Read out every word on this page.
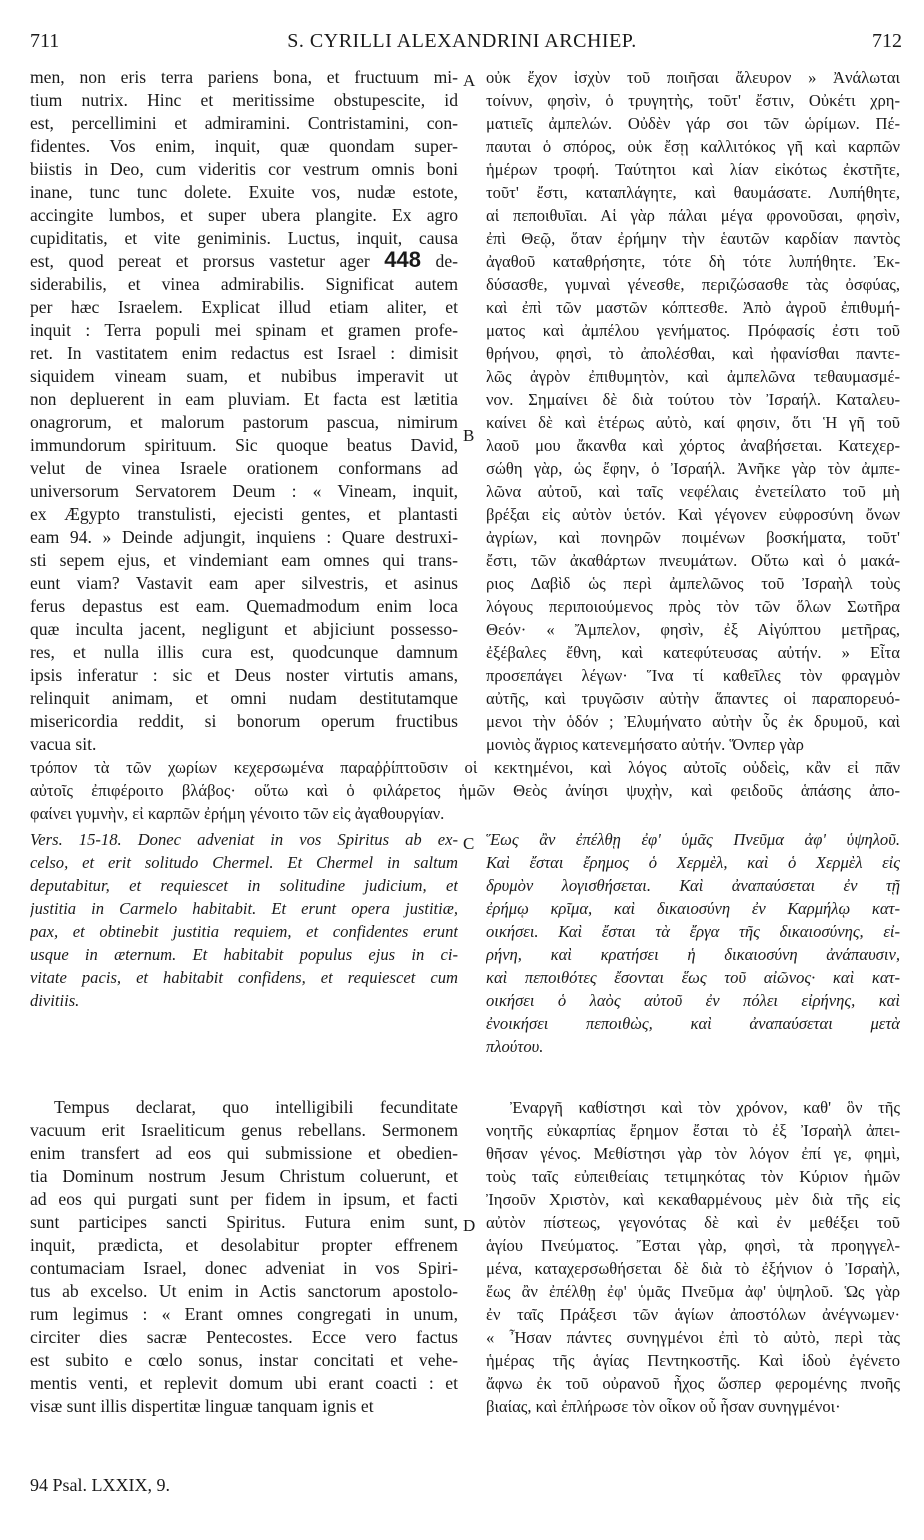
711	S. CYRILLI ALEXANDRINI ARCHIEP.	712
A
B
C
D
men, non eris terra pariens bona, et fructuum mi-
tium nutrix. Hinc et meritissime obstupescite, id
est, percellimini et admiramini. Contristamini, con-
fidentes. Vos enim, inquit, quæ quondam super-
biistis in Deo, cum videritis cor vestrum omnis boni
inane, tunc tunc dolete. Exuite vos, nudæ estote,
accingite lumbos, et super ubera plangite. Ex agro
cupiditatis, et vite geniminis. Luctus, inquit, causa
est, quod pereat et prorsus vastetur ager 448 de-
siderabilis, et vinea admirabilis. Significat autem
per hæc Israelem. Explicat illud etiam aliter, et
inquit : Terra populi mei spinam et gramen profe-
ret. In vastitatem enim redactus est Israel : dimisit
siquidem vineam suam, et nubibus imperavit ut
non depluerent in eam pluviam. Et facta est lætitia
onagrorum, et malorum pastorum pascua, nimirum
immundorum spirituum. Sic quoque beatus David,
velut de vinea Israele orationem conformans ad
universorum Servatorem Deum : « Vineam, inquit,
ex Ægypto transtulisti, ejecisti gentes, et plantasti
eam 94. » Deinde adjungit, inquiens : Quare destruxi-
sti sepem ejus, et vindemiant eam omnes qui trans-
eunt viam? Vastavit eam aper silvestris, et asinus
ferus depastus est eam. Quemadmodum enim loca
quæ inculta jacent, negligunt et abjiciunt possesso-
res, et nulla illis cura est, quodcunque damnum
ipsis inferatur : sic et Deus noster virtutis amans,
relinquit animam, et omni nudam destitutamque
misericordia reddit, si bonorum operum fructibus
vacua sit.
οὐκ ἔχον ἰσχὺν τοῦ ποιῆσαι ἄλευρον » Ἀνάλωται
τοίνυν, φησὶν, ὁ τρυγητὴς, τοῦτ' ἔστιν, Οὐκέτι χρη-
ματιεῖς ἀμπελών. Οὐδὲν γάρ σοι τῶν ὡρίμων. Πέ-
παυται ὁ σπόρος, οὐκ ἔσῃ καλλιτόκος γῆ καὶ καρπῶν
ἡμέρων τροφή. Ταύτητοι καὶ λίαν εἰκότως ἐκστῆτε,
τοῦτ' ἔστι, καταπλάγητε, καὶ θαυμάσατε. Λυπήθητε,
αἱ πεποιθυῖαι. Αἱ γὰρ πάλαι μέγα φρονοῦσαι, φησὶν,
ἐπὶ Θεῷ, ὅταν ἐρήμην τὴν ἑαυτῶν καρδίαν παντὸς
ἀγαθοῦ καταθρήσητε, τότε δὴ τότε λυπήθητε. Ἐκ-
δύσασθε, γυμναὶ γένεσθε, περιζώσασθε τὰς ὀσφύας,
καὶ ἐπὶ τῶν μαστῶν κόπτεσθε. Ἀπὸ ἀγροῦ ἐπιθυμή-
ματος καὶ ἀμπέλου γενήματος. Πρόφασίς ἐστι τοῦ
θρήνου, φησὶ, τὸ ἀπολέσθαι, καὶ ἠφανίσθαι παντε-
λῶς ἀγρὸν ἐπιθυμητὸν, καὶ ἀμπελῶνα τεθαυμασμέ-
νον. Σημαίνει δὲ διὰ τούτου τὸν Ἰσραήλ. Καταλευ-
καίνει δὲ καὶ ἑτέρως αὐτὸ, καί φησιν, ὅτι Ἡ γῆ τοῦ
λαοῦ μου ἄκανθα καὶ χόρτος ἀναβήσεται. Κατεχερ-
σώθη γὰρ, ὡς ἔφην, ὁ Ἰσραήλ. Ἀνῆκε γὰρ τὸν ἀμπε-
λῶνα αὐτοῦ, καὶ ταῖς νεφέλαις ἐνετείλατο τοῦ μὴ
βρέξαι εἰς αὐτὸν ὑετόν. Καὶ γέγονεν εὐφροσύνη ὄνων
ἀγρίων, καὶ πονηρῶν ποιμένων βοσκήματα, τοῦτ'
ἔστι, τῶν ἀκαθάρτων πνευμάτων. Οὕτω καὶ ὁ μακά-
ριος Δαβὶδ ὡς περὶ ἀμπελῶνος τοῦ Ἰσραὴλ τοὺς
λόγους περιποιούμενος πρὸς τὸν τῶν ὅλων Σωτῆρα
Θεόν· « Ἄμπελον, φησὶν, ἐξ Αἰγύπτου μετῆρας,
ἐξέβαλες ἔθνη, καὶ κατεφύτευσας αὐτήν. » Εἶτα
προσεπάγει λέγων· Ἵνα τί καθεῖλες τὸν φραγμὸν
αὐτῆς, καὶ τρυγῶσιν αὐτὴν ἅπαντες οἱ παραπορευό-
μενοι τὴν ὁδόν ; Ἐλυμήνατο αὐτὴν ὗς ἐκ δρυμοῦ, καὶ
μονιὸς ἄγριος κατενεμήσατο αὐτήν. Ὅνπερ γὰρ
τρόπον τὰ τῶν χωρίων κεχερσωμένα παραῤῥίπτοῦσιν οἱ κεκτημένοι, καὶ λόγος αὐτοῖς οὐδεὶς, κἂν εἰ πᾶν
αὐτοῖς ἐπιφέροιτο βλάβος· οὕτω καὶ ὁ φιλάρετος ἡμῶν Θεὸς ἀνίησι ψυχὴν, καὶ φειδοῦς ἁπάσης ἀπο-
φαίνει γυμνὴν, εἰ καρπῶν ἐρήμη γένοιτο τῶν εἰς ἀγαθουργίαν.
Vers. 15-18. Donec adveniat in vos Spiritus ab ex-
celso, et erit solitudo Chermel. Et Chermel in saltum
deputabitur, et requiescet in solitudine judicium, et
justitia in Carmelo habitabit. Et erunt opera justitiæ,
pax, et obtinebit justitia requiem, et confidentes erunt
usque in æternum. Et habitabit populus ejus in ci-
vitate pacis, et habitabit confidens, et requiescet cum
divitiis.
Ἕως ἂν ἐπέλθῃ ἐφ' ὑμᾶς Πνεῦμα ἀφ' ὑψηλοῦ.
Καὶ ἔσται ἔρημος ὁ Χερμὲλ, καὶ ὁ Χερμὲλ εἰς
δρυμὸν λογισθήσεται. Καὶ ἀναπαύσεται ἐν τῇ
ἐρήμῳ κρῖμα, καὶ δικαιοσύνη ἐν Καρμήλῳ κατ-
οικήσει. Καὶ ἔσται τὰ ἔργα τῆς δικαιοσύνης, εἰ-
ρήνη, καὶ κρατήσει ἡ δικαιοσύνη ἀνάπαυσιν,
καὶ πεποιθότες ἔσονται ἕως τοῦ αἰῶνος· καὶ κατ-
οικήσει ὁ λαὸς αὐτοῦ ἐν πόλει εἰρήνης, καὶ
ἐνοικήσει πεποιθὼς, καὶ ἀναπαύσεται μετὰ
πλούτου.
Tempus declarat, quo intelligibili fecunditate
vacuum erit Israeliticum genus rebellans. Sermonem
enim transfert ad eos qui submissione et obedien-
tia Dominum nostrum Jesum Christum coluerunt, et
ad eos qui purgati sunt per fidem in ipsum, et facti
sunt participes sancti Spiritus. Futura enim sunt,
inquit, prædicta, et desolabitur propter effrenem
contumaciam Israel, donec adveniat in vos Spiri-
tus ab excelso. Ut enim in Actis sanctorum apostolo-
rum legimus : « Erant omnes congregati in unum,
circiter dies sacræ Pentecostes. Ecce vero factus
est subito e cœlo sonus, instar concitati et vehe-
mentis venti, et replevit domum ubi erant coacti : et
visæ sunt illis dispertitæ linguæ tanquam ignis et
Ἐναργῆ καθίστησι καὶ τὸν χρόνον, καθ' ὃν τῆς
νοητῆς εὐκαρπίας ἔρημον ἔσται τὸ ἐξ Ἰσραὴλ ἀπει-
θῆσαν γένος. Μεθίστησι γὰρ τὸν λόγον ἐπί γε, φημὶ,
τοὺς ταῖς εὐπειθείαις τετιμηκότας τὸν Κύριον ἡμῶν
Ἰησοῦν Χριστὸν, καὶ κεκαθαρμένους μὲν διὰ τῆς εἰς
αὐτὸν πίστεως, γεγονότας δὲ καὶ ἐν μεθέξει τοῦ
ἁγίου Πνεύματος. Ἔσται γὰρ, φησὶ, τὰ προηγγελ-
μένα, καταχερσωθήσεται δὲ διὰ τὸ ἐξήνιον ὁ Ἰσραὴλ,
ἕως ἂν ἐπέλθῃ ἐφ' ὑμᾶς Πνεῦμα ἀφ' ὑψηλοῦ. Ὡς γὰρ
ἐν ταῖς Πράξεσι τῶν ἁγίων ἀποστόλων ἀνέγνωμεν·
« Ἦσαν πάντες συνηγμένοι ἐπὶ τὸ αὐτὸ, περὶ τὰς
ἡμέρας τῆς ἁγίας Πεντηκοστῆς. Καὶ ἰδοὺ ἐγένετο
ἄφνω ἐκ τοῦ οὐρανοῦ ἦχος ὥσπερ φερομένης πνοῆς
βιαίας, καὶ ἐπλήρωσε τὸν οἶκον οὗ ἦσαν συνηγμένοι·
94 Psal. LXXIX, 9.
